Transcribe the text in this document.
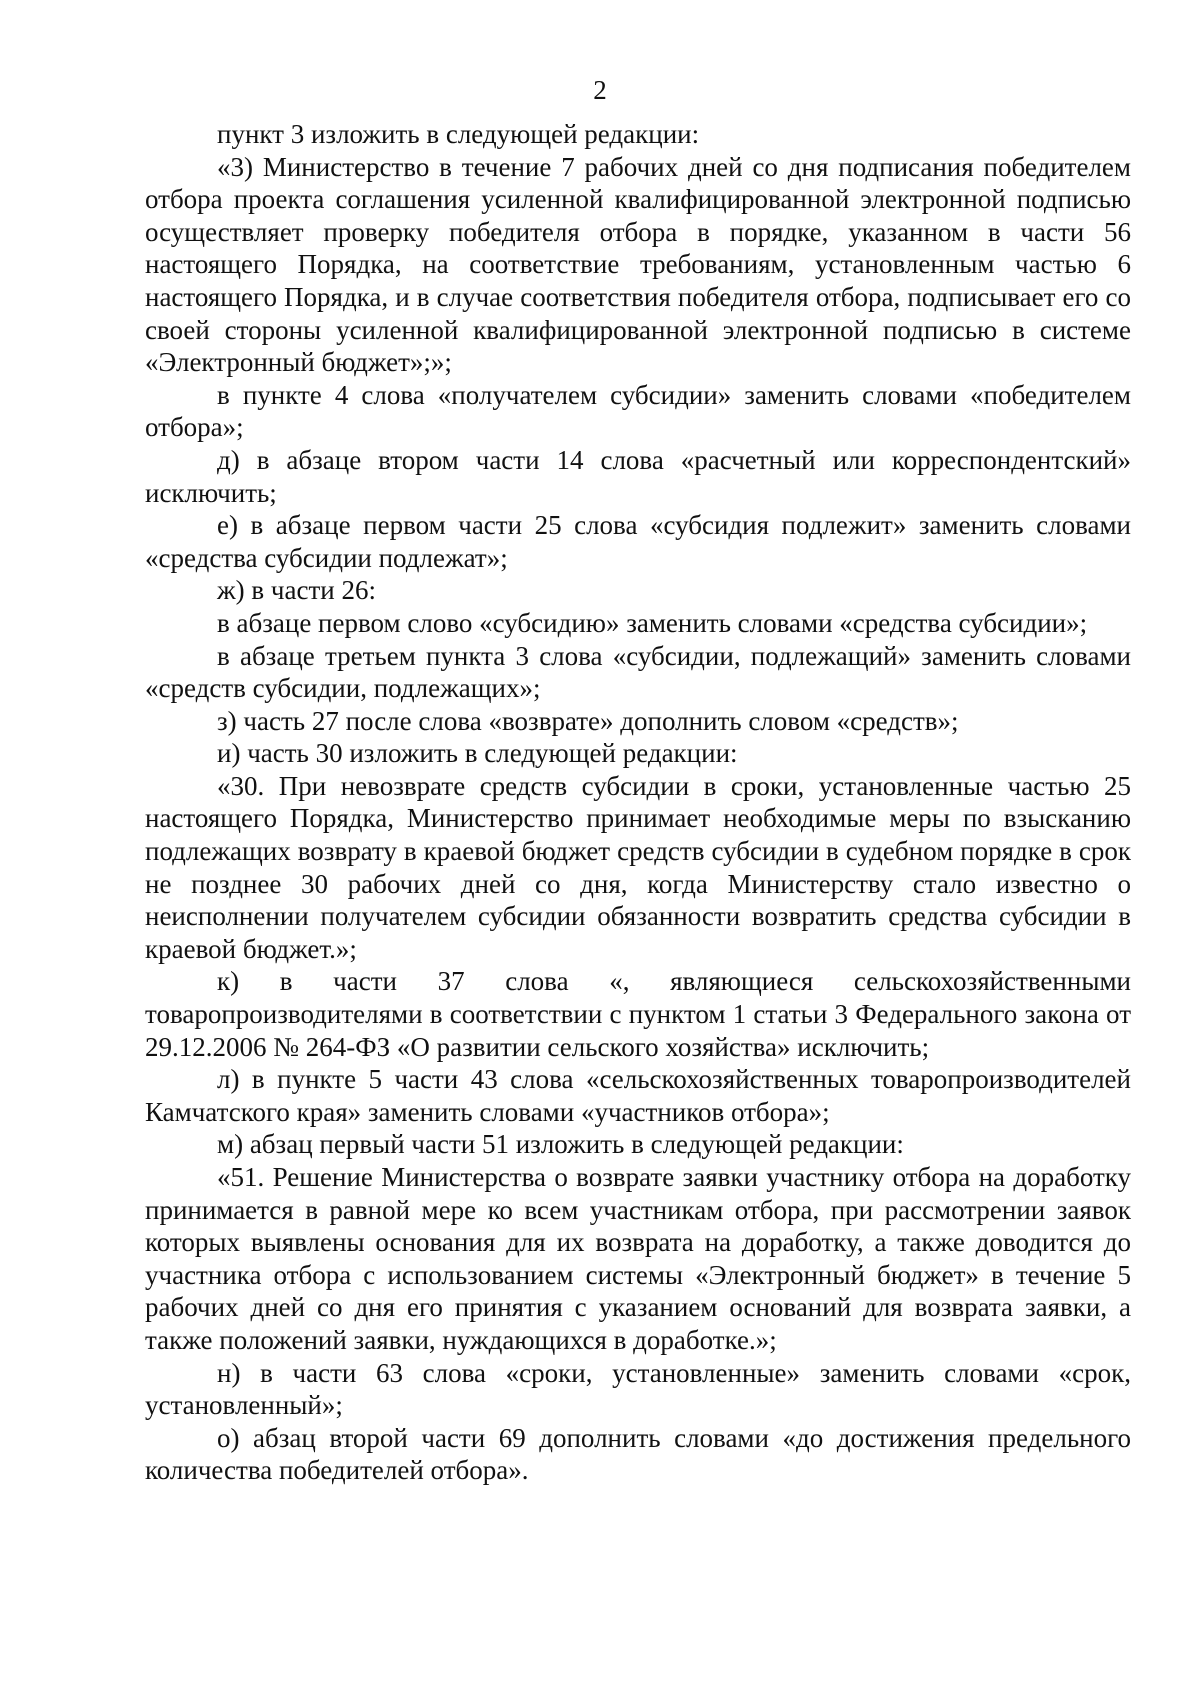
2

пункт 3 изложить в следующей редакции:

«3) Министерство в течение 7 рабочих дней со дня подписания победителем отбора проекта соглашения усиленной квалифицированной электронной подписью осуществляет проверку победителя отбора в порядке, указанном в части 56 настоящего Порядка, на соответствие требованиям, установленным частью 6 настоящего Порядка, и в случае соответствия победителя отбора, подписывает его со своей стороны усиленной квалифицированной электронной подписью в системе «Электронный бюджет»;»;

в пункте 4 слова «получателем субсидии» заменить словами «победителем отбора»;

д) в абзаце втором части 14 слова «расчетный или корреспондентский» исключить;

е) в абзаце первом части 25 слова «субсидия подлежит» заменить словами «средства субсидии подлежат»;

ж) в части 26:

в абзаце первом слово «субсидию» заменить словами «средства субсидии»;

в абзаце третьем пункта 3 слова «субсидии, подлежащий» заменить словами «средств субсидии, подлежащих»;

з) часть 27 после слова «возврате» дополнить словом «средств»;

и) часть 30 изложить в следующей редакции:

«30. При невозврате средств субсидии в сроки, установленные частью 25 настоящего Порядка, Министерство принимает необходимые меры по взысканию подлежащих возврату в краевой бюджет средств субсидии в судебном порядке в срок не позднее 30 рабочих дней со дня, когда Министерству стало известно о неисполнении получателем субсидии обязанности возвратить средства субсидии в краевой бюджет.»;

к) в части 37 слова «, являющиеся сельскохозяйственными товаропроизводителями в соответствии с пунктом 1 статьи 3 Федерального закона от 29.12.2006 № 264-ФЗ «О развитии сельского хозяйства» исключить;

л) в пункте 5 части 43 слова «сельскохозяйственных товаропроизводителей Камчатского края» заменить словами «участников отбора»;

м) абзац первый части 51 изложить в следующей редакции:

«51. Решение Министерства о возврате заявки участнику отбора на доработку принимается в равной мере ко всем участникам отбора, при рассмотрении заявок которых выявлены основания для их возврата на доработку, а также доводится до участника отбора с использованием системы «Электронный бюджет» в течение 5 рабочих дней со дня его принятия с указанием оснований для возврата заявки, а также положений заявки, нуждающихся в доработке.»;

н) в части 63 слова «сроки, установленные» заменить словами «срок, установленный»;

о) абзац второй части 69 дополнить словами «до достижения предельного количества победителей отбора».
